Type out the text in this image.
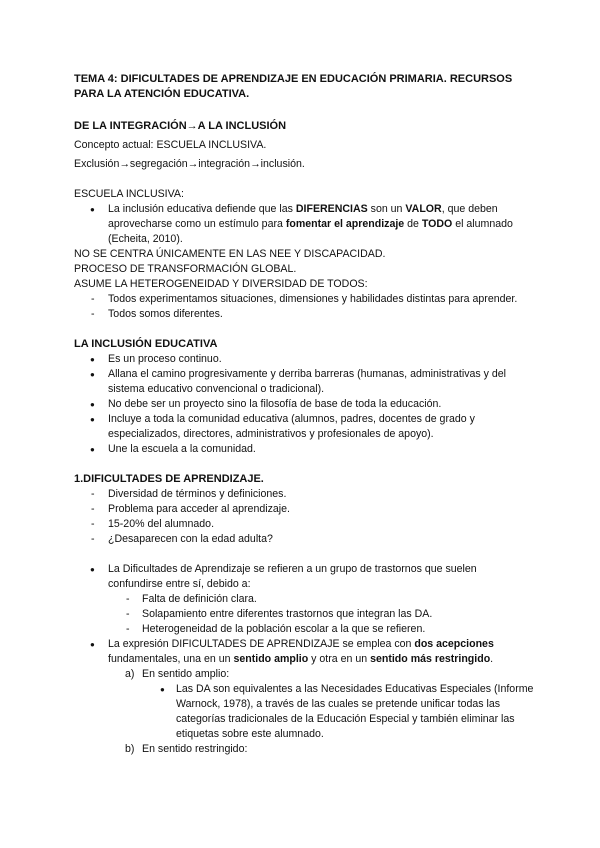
TEMA 4: DIFICULTADES DE APRENDIZAJE EN EDUCACIÓN PRIMARIA. RECURSOS PARA LA ATENCIÓN EDUCATIVA.

DE LA INTEGRACIÓN→A LA INCLUSIÓN

Concepto actual: ESCUELA INCLUSIVA.

Exclusión→segregación→integración→inclusión.

ESCUELA INCLUSIVA:

● La inclusión educativa defiende que las DIFERENCIAS son un VALOR, que deben aprovecharse como un estímulo para fomentar el aprendizaje de TODO el alumnado (Echeita, 2010).

NO SE CENTRA ÚNICAMENTE EN LAS NEE Y DISCAPACIDAD.

PROCESO DE TRANSFORMACIÓN GLOBAL.

ASUME LA HETEROGENEIDAD Y DIVERSIDAD DE TODOS:

- Todos experimentamos situaciones, dimensiones y habilidades distintas para aprender.
- Todos somos diferentes.

LA INCLUSIÓN EDUCATIVA

● Es un proceso continuo.
● Allana el camino progresivamente y derriba barreras (humanas, administrativas y del sistema educativo convencional o tradicional).
● No debe ser un proyecto sino la filosofía de base de toda la educación.
● Incluye a toda la comunidad educativa (alumnos, padres, docentes de grado y especializados, directores, administrativos y profesionales de apoyo).
● Une la escuela a la comunidad.

1.DIFICULTADES DE APRENDIZAJE.

- Diversidad de términos y definiciones.
- Problema para acceder al aprendizaje.
- 15-20% del alumnado.
- ¿Desaparecen con la edad adulta?
● La Dificultades de Aprendizaje se refieren a un grupo de trastornos que suelen confundirse entre sí, debido a:
- Falta de definición clara.
- Solapamiento entre diferentes trastornos que integran las DA.
- Heterogeneidad de la población escolar a la que se refieren.
● La expresión DIFICULTADES DE APRENDIZAJE se emplea con dos acepciones fundamentales, una en un sentido amplio y otra en un sentido más restringido.
a) En sentido amplio:
● Las DA son equivalentes a las Necesidades Educativas Especiales (Informe Warnock, 1978), a través de las cuales se pretende unificar todas las categorías tradicionales de la Educación Especial y también eliminar las etiquetas sobre este alumnado.
b) En sentido restringido:
